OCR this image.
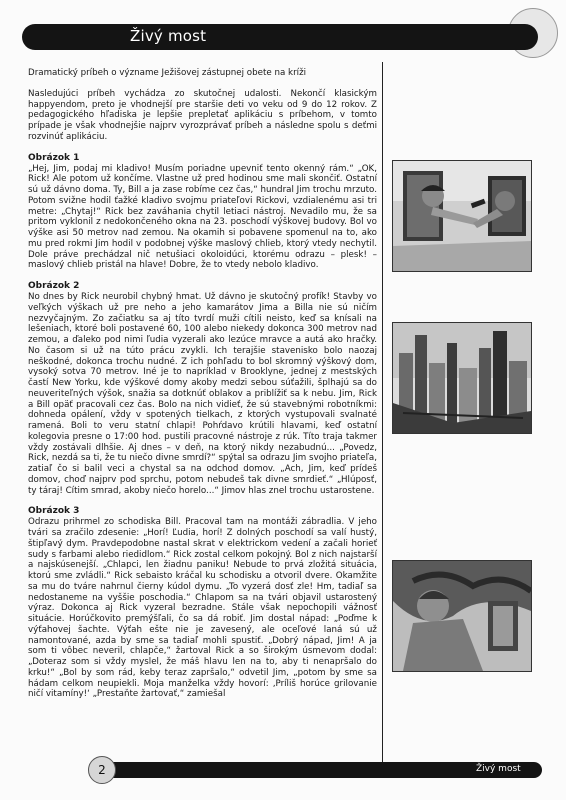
Živý most

Dramatický príbeh o význame Ježišovej zástupnej obete na kríži

Nasledujúci príbeh vychádza zo skutočnej udalosti. Nekončí klasickým happyendom, preto je vhodnejší pre staršie deti vo veku od 9 do 12 rokov. Z pedagogického hľadiska je lepšie prepletať aplikáciu s príbehom, v tomto prípade je však vhodnejšie najprv vyrozprávať príbeh a následne spolu s deťmi rozvinúť aplikáciu.

Obrázok 1

„Hej, Jim, podaj mi kladivo! Musím poriadne upevniť tento okenný rám.“ „OK, Rick! Ale potom už končíme. Vlastne už pred hodinou sme mali skončiť. Ostatní sú už dávno doma. Ty, Bill a ja zase robíme cez čas,“ hundral Jim trochu mrzuto. Potom svižne hodil ťažké kladivo svojmu priateľovi Rickovi, vzdialenému asi tri metre: „Chytaj!“ Rick bez zaváhania chytil letiaci nástroj. Nevadilo mu, že sa pritom vyklonil z nedokončeného okna na 23. poschodí výškovej budovy. Bol vo výške asi 50 metrov nad zemou. Na okamih si pobavene spomenul na to, ako mu pred rokmi Jim hodil v podobnej výške maslový chlieb, ktorý vtedy nechytil. Dole práve prechádzal nič netušiaci okoloidúci, ktorému odrazu – plesk! – maslový chlieb pristál na hlave! Dobre, že to vtedy nebolo kladivo.

Obrázok 2

No dnes by Rick neurobil chybný hmat. Už dávno je skutočný profík! Stavby vo veľkých výškach už pre neho a jeho kamarátov Jima a Billa nie sú ničím nezvyčajným. Zo začiatku sa aj títo tvrdí muži cítili neisto, keď sa knísali na lešeniach, ktoré boli postavené 60, 100 alebo niekedy dokonca 300 metrov nad zemou, a ďaleko pod nimi ľudia vyzerali ako lezúce mravce a autá ako hračky. No časom si už na túto prácu zvykli. Ich terajšie stavenisko bolo naozaj neškodné, dokonca trochu nudné. Z ich pohľadu to bol skromný výškový dom, vysoký sotva 70 metrov. Iné je to napríklad v Brooklyne, jednej z mestských častí New Yorku, kde výškové domy akoby medzi sebou súťažili, šplhajú sa do neuveriteľných výšok, snažia sa dotknúť oblakov a priblížiť sa k nebu. Jim, Rick a Bill opäť pracovali cez čas. Bolo na nich vidieť, že sú stavebnými robotníkmi: dohneda opálení, vždy v spotených tielkach, z ktorých vystupovali svalnaté ramená. Boli to veru statní chlapi! Pohŕdavo krútili hlavami, keď ostatní kolegovia presne o 17:00 hod. pustili pracovné nástroje z rúk. Títo traja takmer vždy zostávali dlhšie. Aj dnes – v deň, na ktorý nikdy nezabudnú... „Povedz, Rick, nezdá sa ti, že tu niečo divne smrdí?“ spýtal sa odrazu Jim svojho priateľa, zatiaľ čo si balil veci a chystal sa na odchod domov. „Ach, Jim, keď prídeš domov, choď najprv pod sprchu, potom nebudeš tak divne smrdieť.“ „Hlúposť, ty táraj! Cítim smrad, akoby niečo horelo...“ Jimov hlas znel trochu ustarostene.

Obrázok 3

Odrazu prihrmel zo schodiska Bill. Pracoval tam na montáži zábradlia. V jeho tvári sa zračilo zdesenie: „Horí! Ľudia, horí! Z dolných poschodí sa valí hustý, štipľavý dym. Pravdepodobne nastal skrat v elektrickom vedení a začali horieť sudy s farbami alebo riedidlom.“ Rick zostal celkom pokojný. Bol z nich najstarší a najskúsenejší. „Chlapci, len žiadnu paniku! Nebude to prvá zložitá situácia, ktorú sme zvládli.“ Rick sebaisto kráčal ku schodisku a otvoril dvere. Okamžite sa mu do tváre nahrnul čierny kúdol dymu. „To vyzerá dosť zle! Hm, tadiaľ sa nedostaneme na vyššie poschodia.“ Chlapom sa na tvári objavil ustarostený výraz. Dokonca aj Rick vyzeral bezradne. Stále však nepochopili vážnosť situácie. Horúčkovito premýšľali, čo sa dá robiť. Jim dostal nápad: „Poďme k výťahovej šachte. Výťah ešte nie je zavesený, ale oceľové laná sú už namontované, azda by sme sa tadiaľ mohli spustiť. „Dobrý nápad, Jim! A ja som ti vôbec neveril, chlapče,“ žartoval Rick a so širokým úsmevom dodal: „Doteraz som si vždy myslel, že máš hlavu len na to, aby ti nenapršalo do krku!“ „Bol by som rád, keby teraz zapršalo,“ odvetil Jim, „potom by sme sa hádam celkom neupiekli. Moja manželka vždy hovorí: ‚Príliš horúce grilovanie ničí vitamíny!‘ „Prestaňte žartovať,“ zamiešal

2	Živý most
